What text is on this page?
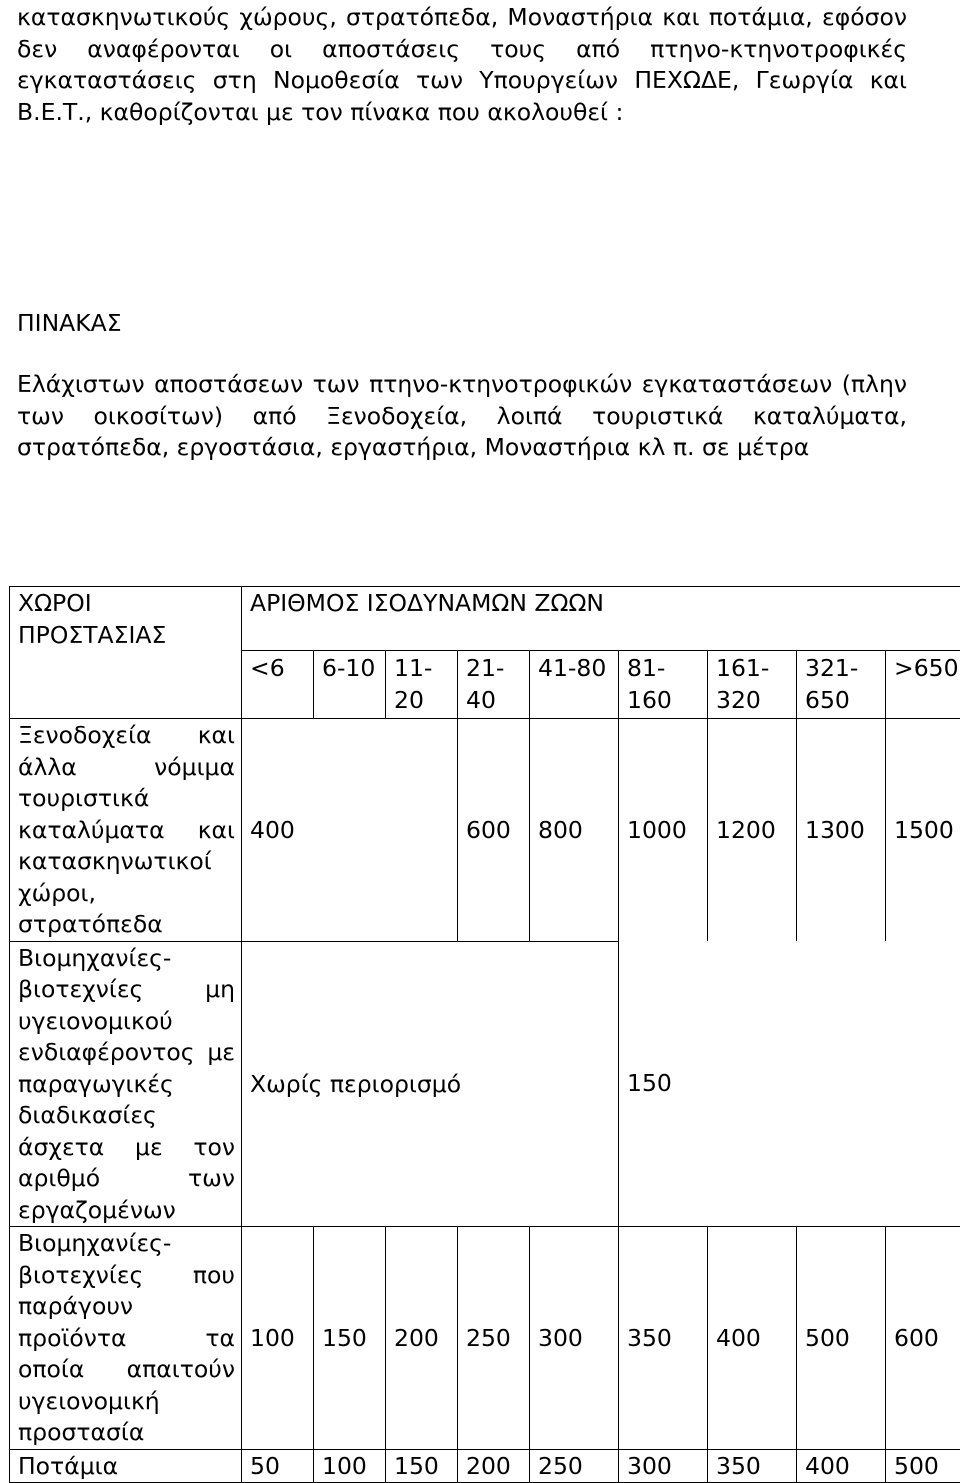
κατασκηνωτικούς χώρους, στρατόπεδα, Μοναστήρια και ποτάμια, εφόσον δεν αναφέρονται οι αποστάσεις τους από πτηνο-κτηνοτροφικές εγκαταστάσεις στη Νομοθεσία των Υπουργείων ΠΕΧΩΔΕ, Γεωργία και Β.Ε.Τ., καθορίζονται με τον πίνακα που ακολουθεί :
ΠΙΝΑΚΑΣ
Ελάχιστων αποστάσεων των πτηνο-κτηνοτροφικών εγκαταστάσεων (πλην των οικοσίτων) από Ξενοδοχεία, λοιπά τουριστικά καταλύματα, στρατόπεδα, εργοστάσια, εργαστήρια, Μοναστήρια κλ π. σε μέτρα
ΧΩΡΟΙ ΠΡΟΣΤΑΣΙΑΣ	ΑΡΙΘΜΟΣ ΙΣΟΔΥΝΑΜΩΝ ΖΩΩΝ								
	<6	6-10	11-20	21-40	41-80	81-160	161-320	321-650	>650
Ξενοδοχεία και άλλα νόμιμα τουριστικά καταλύματα και κατασκηνωτικοί χώροι, στρατόπεδα	400			600	800	1000	1200	1300	1500
Βιομηχανίες-βιοτεχνίες μη υγειονομικού ενδιαφέροντος με παραγωγικές διαδικασίες άσχετα με τον αριθμό των εργαζομένων	Χωρίς περιορισμό					150			
Βιομηχανίες-βιοτεχνίες που παράγουν προϊόντα τα οποία απαιτούν υγειονομική προστασία	100	150	200	250	300	350	400	500	600
Ποτάμια	50	100	150	200	250	300	350	400	500
